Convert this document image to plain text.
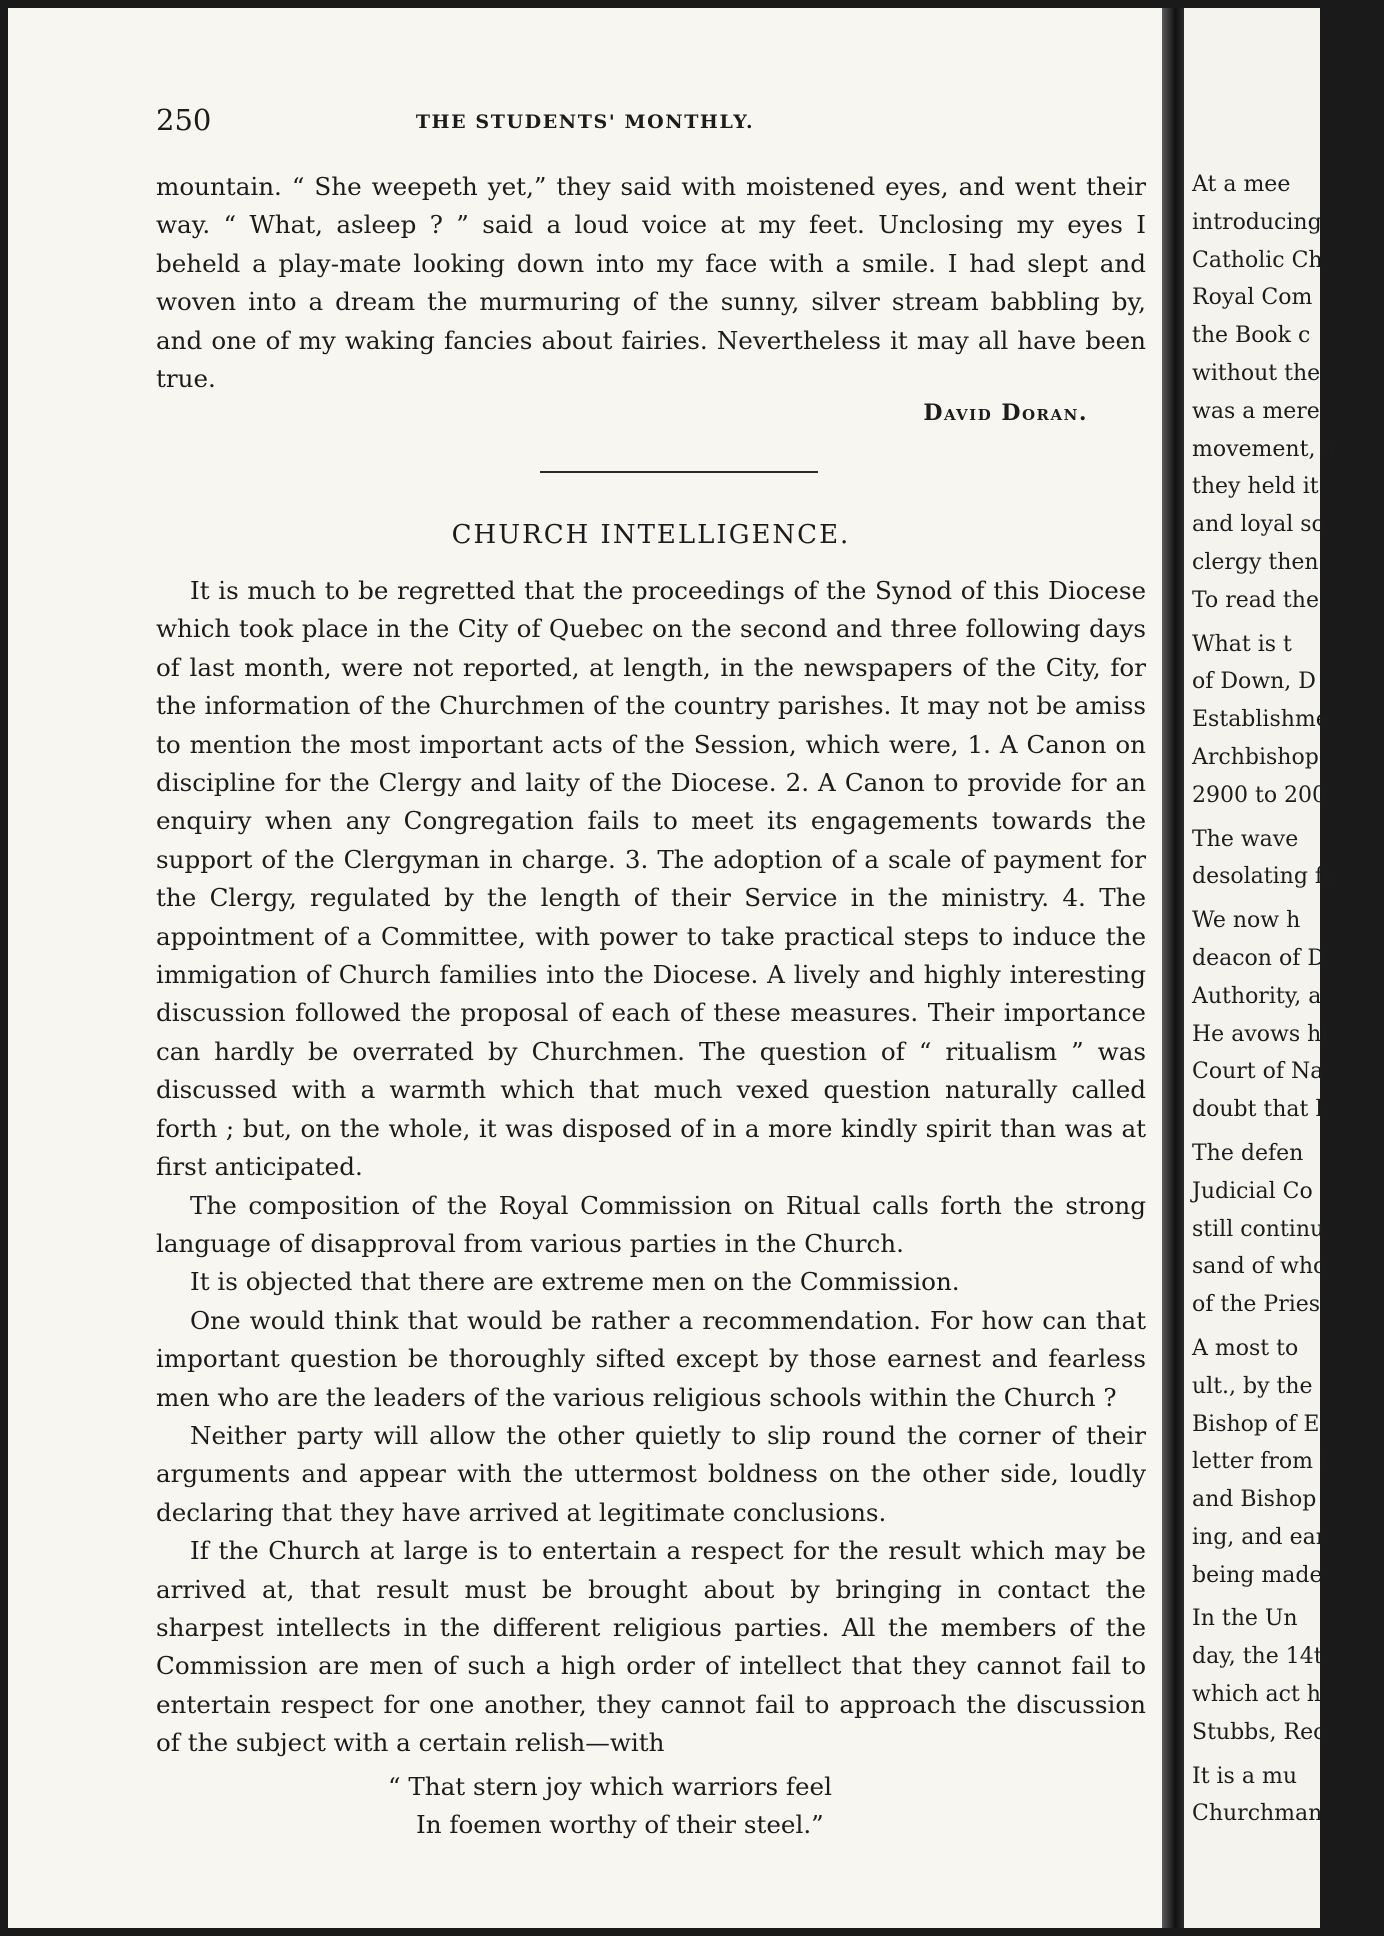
250	THE STUDENTS' MONTHLY.

mountain. “ She weepeth yet,” they said with moistened eyes, and went their way. “ What, asleep ? ” said a loud voice at my feet. Unclosing my eyes I beheld a play-mate looking down into my face with a smile. I had slept and woven into a dream the murmuring of the sunny, silver stream babbling by, and one of my waking fancies about fairies. Nevertheless it may all have been true.

David Doran.
CHURCH INTELLIGENCE.

It is much to be regretted that the proceedings of the Synod of this Diocese which took place in the City of Quebec on the second and three following days of last month, were not reported, at length, in the newspapers of the City, for the information of the Churchmen of the country parishes. It may not be amiss to mention the most important acts of the Session, which were, 1. A Canon on discipline for the Clergy and laity of the Diocese. 2. A Canon to provide for an enquiry when any Congregation fails to meet its engagements towards the support of the Clergyman in charge. 3. The adoption of a scale of payment for the Clergy, regulated by the length of their Service in the ministry. 4. The appointment of a Committee, with power to take practical steps to induce the immigation of Church families into the Diocese. A lively and highly interesting discussion followed the proposal of each of these measures. Their importance can hardly be overrated by Churchmen. The question of “ ritualism ” was discussed with a warmth which that much vexed question naturally called forth ; but, on the whole, it was disposed of in a more kindly spirit than was at first anticipated.

The composition of the Royal Commission on Ritual calls forth the strong language of disapproval from various parties in the Church.

It is objected that there are extreme men on the Commission.

One would think that would be rather a recommendation. For how can that important question be thoroughly sifted except by those earnest and fearless men who are the leaders of the various religious schools within the Church ?

Neither party will allow the other quietly to slip round the corner of their arguments and appear with the uttermost boldness on the other side, loudly declaring that they have arrived at legitimate conclusions.

If the Church at large is to entertain a respect for the result which may be arrived at, that result must be brought about by bringing in contact the sharpest intellects in the different religious parties. All the members of the Commission are men of such a high order of intellect that they cannot fail to entertain respect for one another, they cannot fail to approach the discussion of the subject with a certain relish—with

“ That stern joy which warriors feel
In foemen worthy of their steel.”
At a mee
introducing
Catholic Ch
Royal Com
the Book c
without the
was a mere
movement, a
they held it
and loyal so
clergy then
To read the
What is t
of Down, D
Establishme
Archbishop
2900 to 200
The wave
desolating fu
We now h
deacon of D
Authority, a
He avows hi
Court of Na
doubt that h
The defen
Judicial Co
still continu
sand of who
of the Pries
A most to
ult., by the
Bishop of E
letter from t
and Bishop
ing, and ear
being made
In the Un
day, the 14t
which act h
Stubbs, Rec
It is a mu
Churchman
